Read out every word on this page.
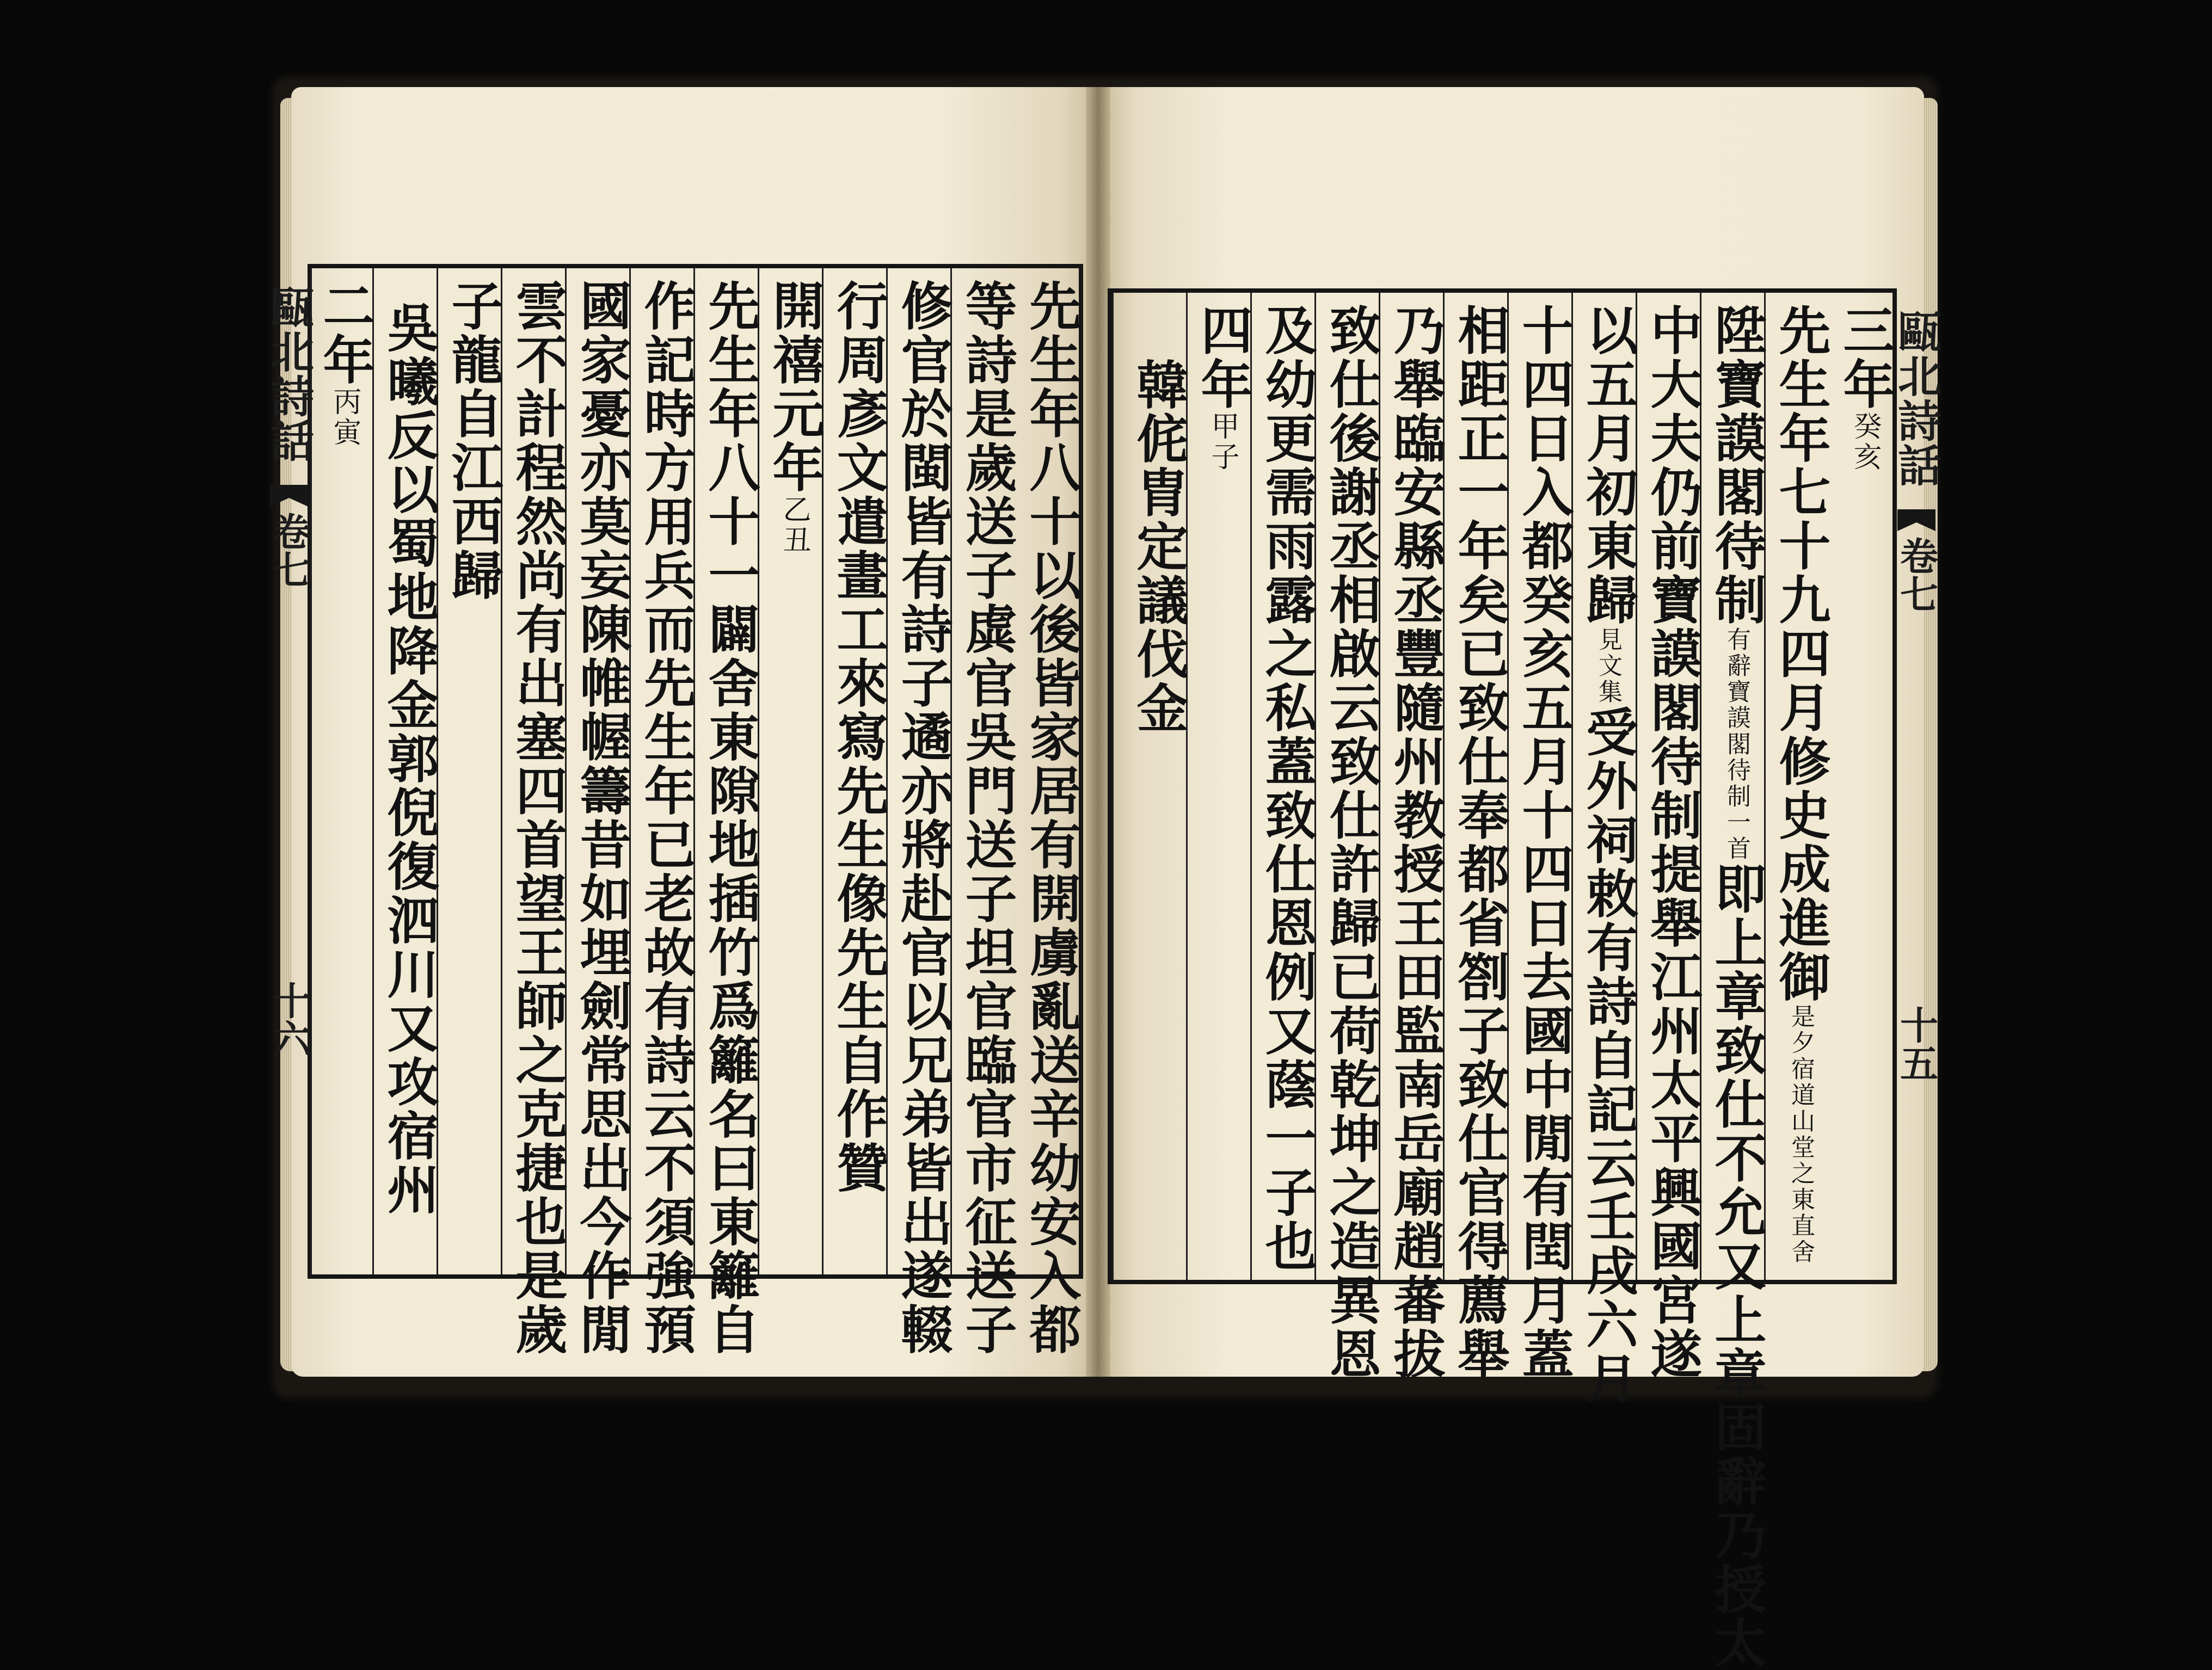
甌北詩話
卷七
十六	先生年八十以後皆家居有開虜亂送辛幼安入都
等詩是歲送子虡官吳門送子坦官臨官市征送子
修官於閩皆有詩子遹亦將赴官以兄弟皆出遂輟
行周彥文遣畫工來寫先生像先生自作贊
開禧元年乙丑
先生年八十一闢舍東隙地插竹爲籬名曰東籬自
作記時方用兵而先生年已老故有詩云不須強預
國家憂亦莫妄陳帷幄籌昔如埋劍常思出今作閒
雲不計程然尚有出塞四首望王師之克捷也是歲
子龍自江西歸
吳曦反以蜀地降金郭倪復泗川又攻宿州
二年丙寅	甌北詩話
卷七
十五
三年癸亥
先生年七十九四月修史成進御是夕宿道山堂之東直舍
陞寶謨閣待制有辭寶謨閣待制一首即上章致仕不允又上章固辭乃授太
中大夫仍前寶謨閣待制提舉江州太平興國宮遂
以五月初東歸見文集受外祠敕有詩自記云壬戌六月
十四日入都癸亥五月十四日去國中閒有閏月蓋
相距正一年矣已致仕奉都省劄子致仕官得薦舉
乃舉臨安縣丞豐隨州教授王田監南岳廟趙蕃拔
致仕後謝丞相啟云致仕許歸已荷乾坤之造異恩
及幼更需雨露之私蓋致仕恩例又蔭一子也
四年甲子
韓侂胄定議伐金
